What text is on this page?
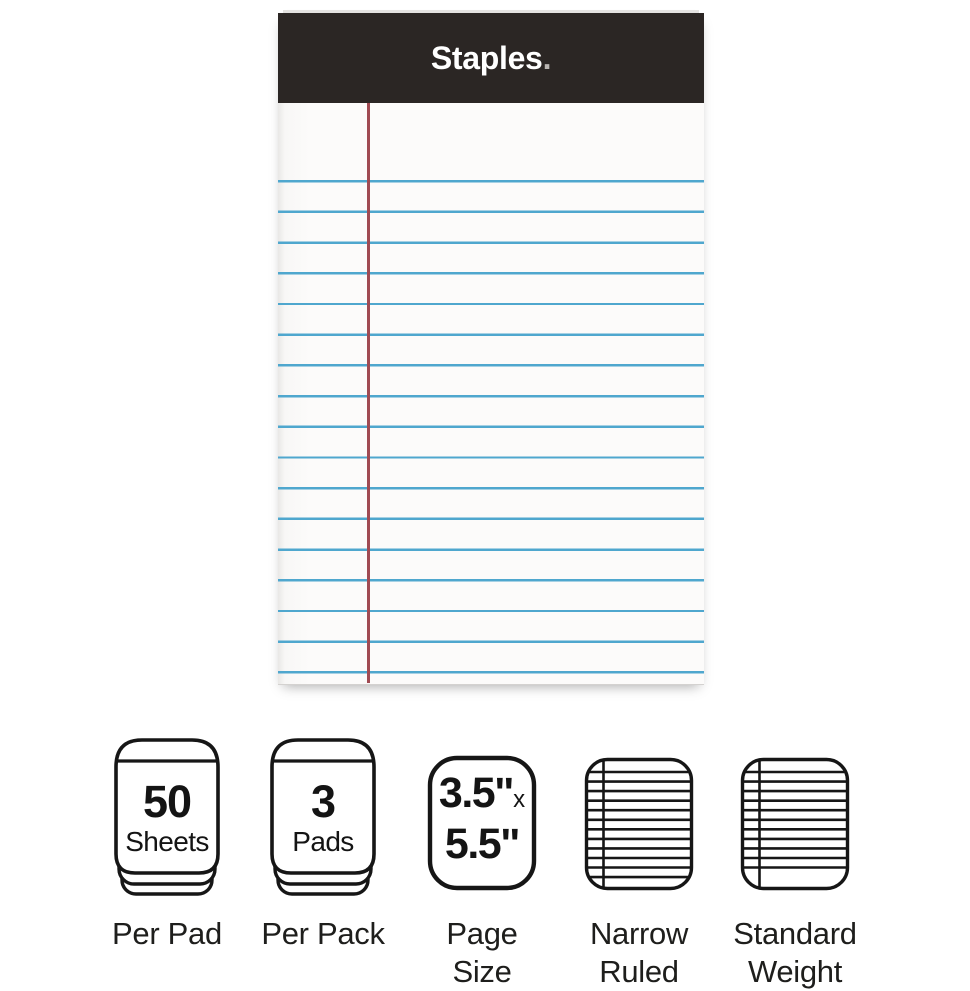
Staples.
50
Sheets
Per Pad
3
Pads
Per Pack
3.5"x
5.5"
Page
Size
Narrow
Ruled
Standard
Weight
